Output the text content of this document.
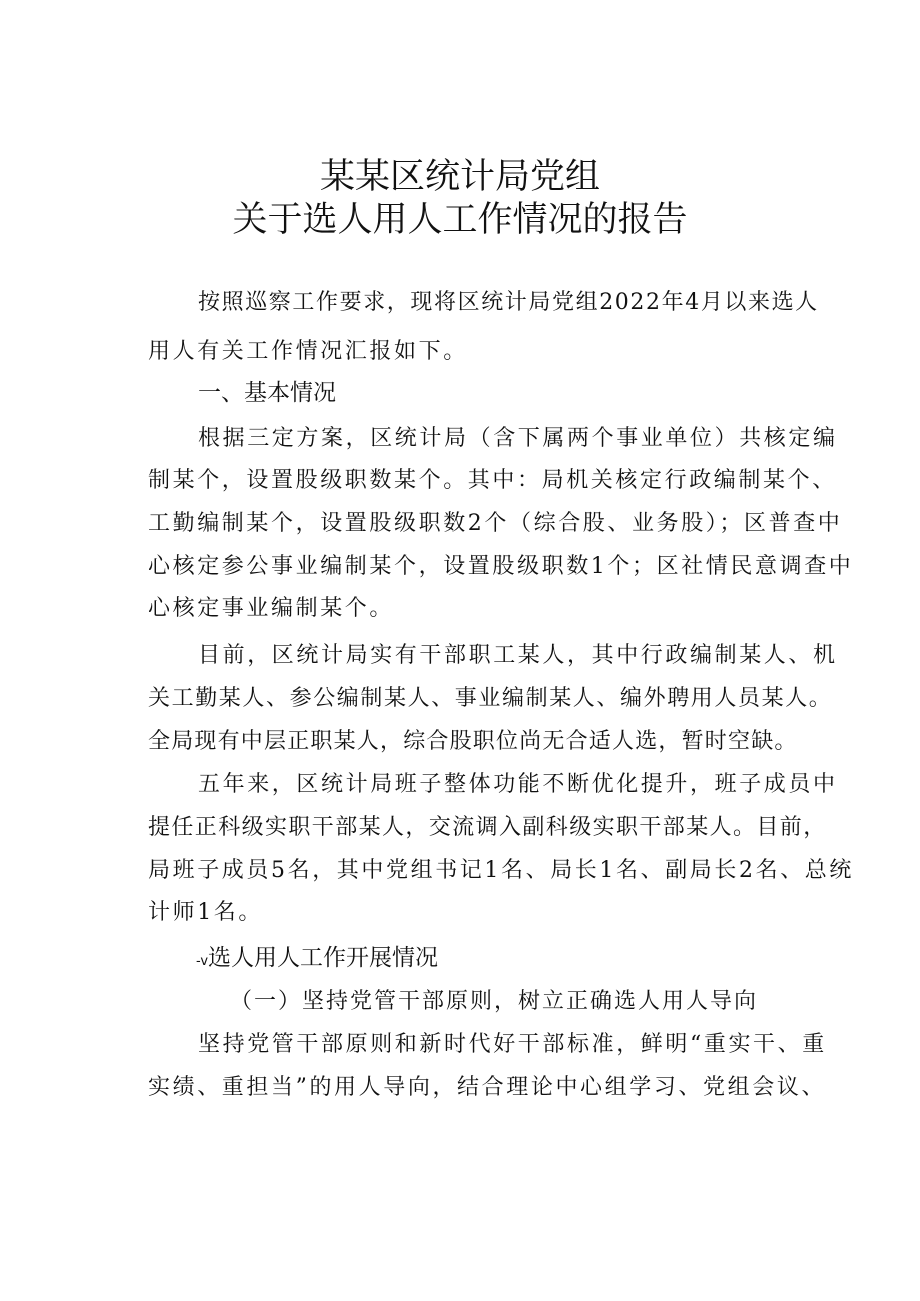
某某区统计局党组
关于选人用人工作情况的报告
按照巡察工作要求，现将区统计局党组2022年4月以来选人
用人有关工作情况汇报如下。
一、基本情况
根据三定方案，区统计局（含下属两个事业单位）共核定编
制某个，设置股级职数某个。其中：局机关核定行政编制某个、
工勤编制某个，设置股级职数2个（综合股、业务股）；区普查中
心核定参公事业编制某个，设置股级职数1个；区社情民意调查中
心核定事业编制某个。
目前，区统计局实有干部职工某人，其中行政编制某人、机
关工勤某人、参公编制某人、事业编制某人、编外聘用人员某人。
全局现有中层正职某人，综合股职位尚无合适人选，暂时空缺。
五年来，区统计局班子整体功能不断优化提升，班子成员中
提任正科级实职干部某人，交流调入副科级实职干部某人。目前，
局班子成员5名，其中党组书记1名、局长1名、副局长2名、总统
计师1名。
-v选人用人工作开展情况
（一）坚持党管干部原则，树立正确选人用人导向
坚持党管干部原则和新时代好干部标准，鲜明“重实干、重
实绩、重担当”的用人导向，结合理论中心组学习、党组会议、
